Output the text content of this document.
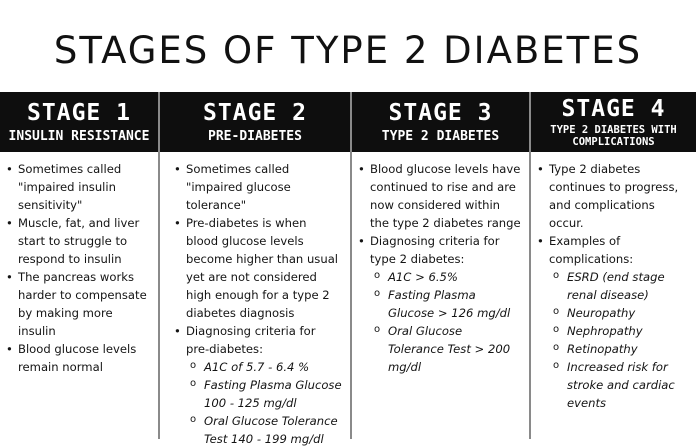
STAGES OF TYPE 2 DIABETES
STAGE 1
INSULIN RESISTANCE
• Sometimes called "impaired insulin sensitivity"
• Muscle, fat, and liver start to struggle to respond to insulin
• The pancreas works harder to compensate by making more insulin
• Blood glucose levels remain normal
STAGE 2
PRE-DIABETES
• Sometimes called "impaired glucose tolerance"
• Pre-diabetes is when blood glucose levels become higher than usual yet are not considered high enough for a type 2 diabetes diagnosis
• Diagnosing criteria for pre-diabetes:
o A1C of 5.7 - 6.4 %
o Fasting Plasma Glucose 100 - 125 mg/dl
o Oral Glucose Tolerance Test 140 - 199 mg/dl
STAGE 3
TYPE 2 DIABETES
• Blood glucose levels have continued to rise and are now considered within the type 2 diabetes range
• Diagnosing criteria for type 2 diabetes:
o A1C > 6.5%
o Fasting Plasma Glucose > 126 mg/dl
o Oral Glucose Tolerance Test > 200 mg/dl
STAGE 4
TYPE 2 DIABETES WITH
COMPLICATIONS
• Type 2 diabetes continues to progress, and complications occur.
• Examples of complications:
o ESRD (end stage renal disease)
o Neuropathy
o Nephropathy
o Retinopathy
o Increased risk for stroke and cardiac events
